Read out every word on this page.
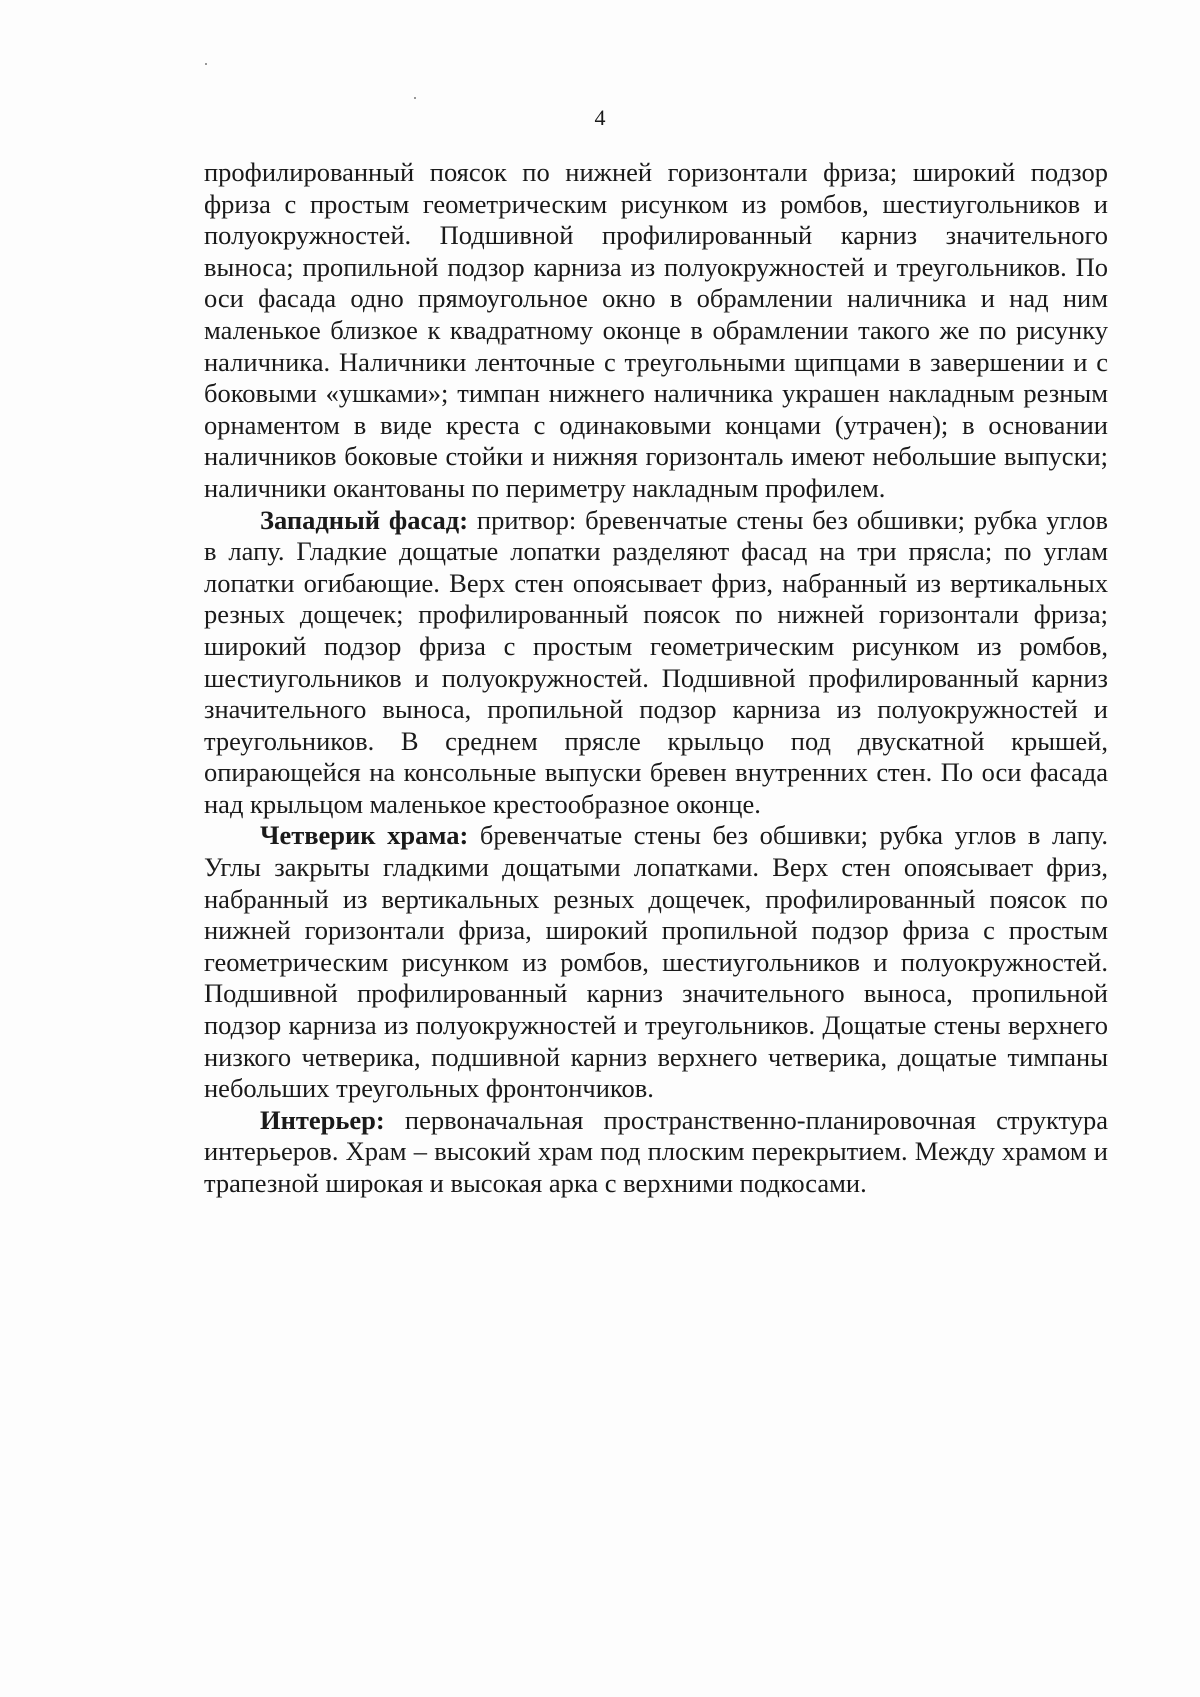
4

профилированный поясок по нижней горизонтали фриза; широкий подзор фриза с простым геометрическим рисунком из ромбов, шестиугольников и полуокружностей. Подшивной профилированный карниз значительного выноса; пропильной подзор карниза из полуокружностей и треугольников. По оси фасада одно прямоугольное окно в обрамлении наличника и над ним маленькое близкое к квадратному оконце в обрамлении такого же по рисунку наличника. Наличники ленточные с треугольными щипцами в завершении и с боковыми «ушками»; тимпан нижнего наличника украшен накладным резным орнаментом в виде креста с одинаковыми концами (утрачен); в основании наличников боковые стойки и нижняя горизонталь имеют небольшие выпуски; наличники окантованы по периметру накладным профилем.

Западный фасад: притвор: бревенчатые стены без обшивки; рубка углов в лапу. Гладкие дощатые лопатки разделяют фасад на три прясла; по углам лопатки огибающие. Верх стен опоясывает фриз, набранный из вертикальных резных дощечек; профилированный поясок по нижней горизонтали фриза; широкий подзор фриза с простым геометрическим рисунком из ромбов, шестиугольников и полуокружностей. Подшивной профилированный карниз значительного выноса, пропильной подзор карниза из полуокружностей и треугольников. В среднем прясле крыльцо под двускатной крышей, опирающейся на консольные выпуски бревен внутренних стен. По оси фасада над крыльцом маленькое крестообразное оконце.

Четверик храма: бревенчатые стены без обшивки; рубка углов в лапу. Углы закрыты гладкими дощатыми лопатками. Верх стен опоясывает фриз, набранный из вертикальных резных дощечек, профилированный поясок по нижней горизонтали фриза, широкий пропильной подзор фриза с простым геометрическим рисунком из ромбов, шестиугольников и полуокружностей. Подшивной профилированный карниз значительного выноса, пропильной подзор карниза из полуокружностей и треугольников. Дощатые стены верхнего низкого четверика, подшивной карниз верхнего четверика, дощатые тимпаны небольших треугольных фронтончиков.

Интерьер: первоначальная пространственно-планировочная структура интерьеров. Храм – высокий храм под плоским перекрытием. Между храмом и трапезной широкая и высокая арка с верхними подкосами.
